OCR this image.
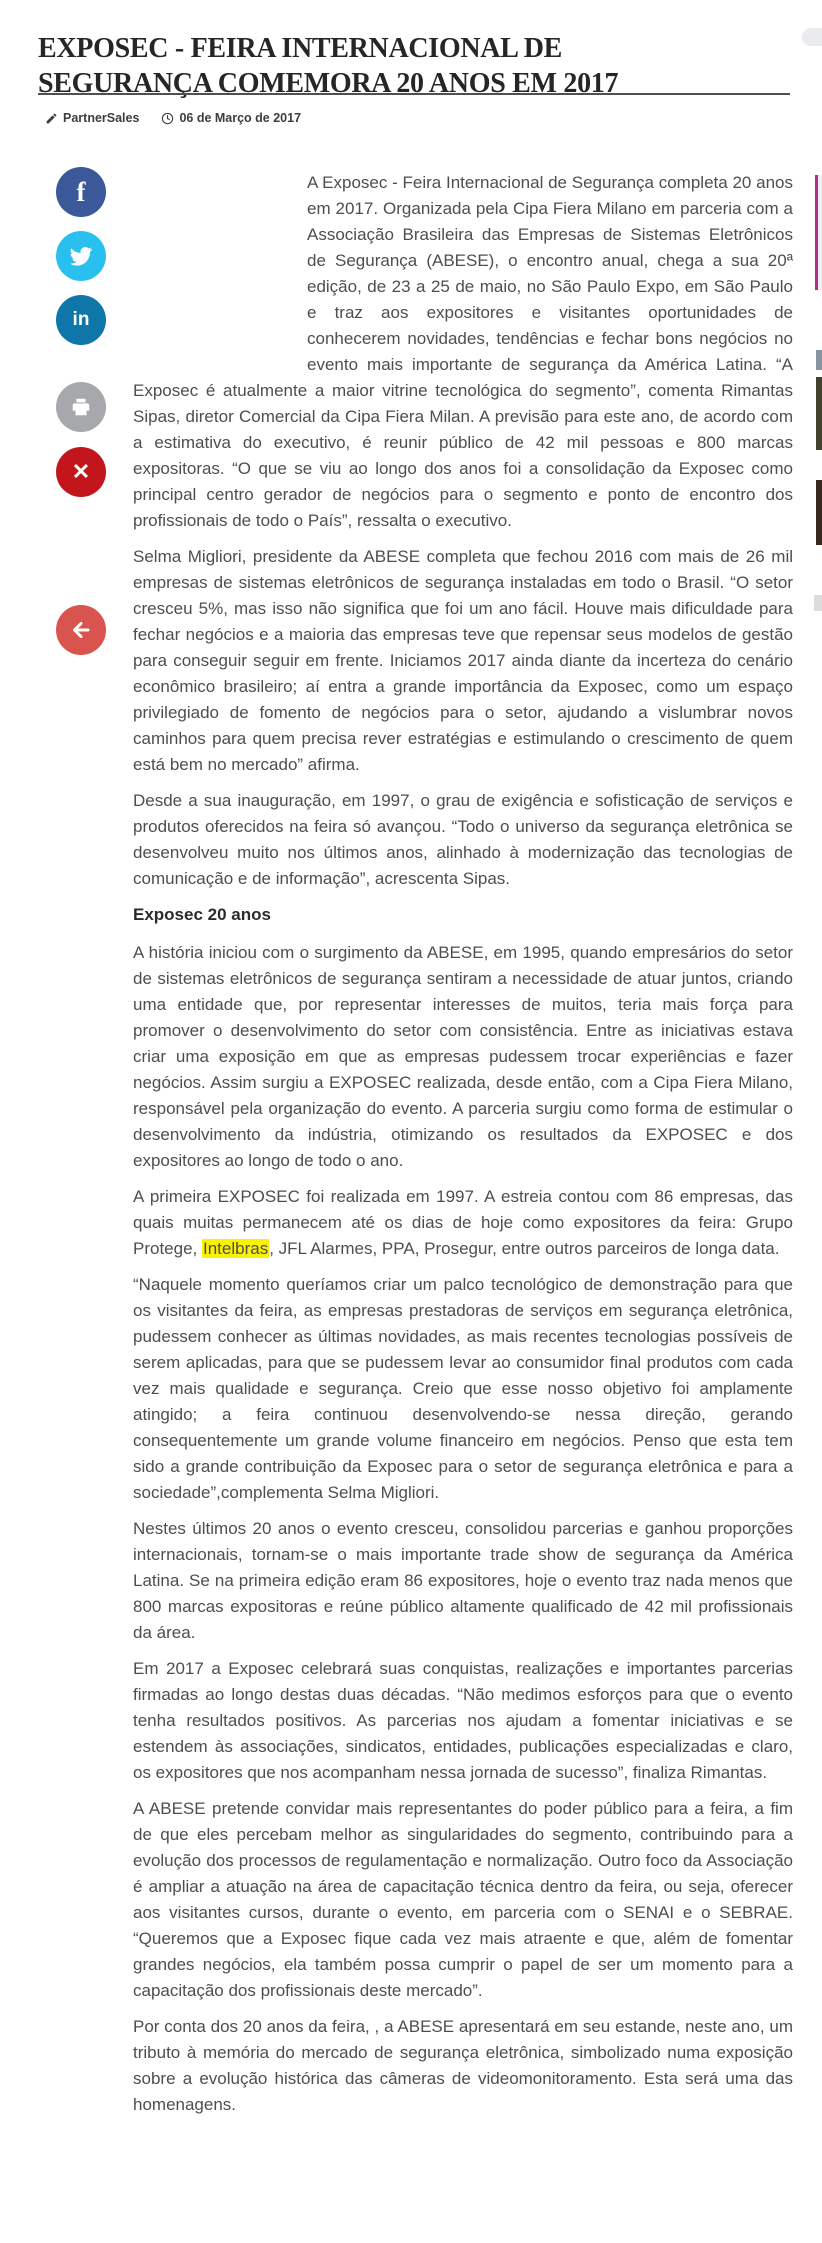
EXPOSEC - FEIRA INTERNACIONAL DE
SEGURANÇA COMEMORA 20 ANOS EM 2017
PartnerSales	06 de Março de 2017
f
in
✕

A Exposec - Feira Internacional de Segurança completa 20 anos em 2017. Organizada pela Cipa Fiera Milano em parceria com a Associação Brasileira das Empresas de Sistemas Eletrônicos de Segurança (ABESE), o encontro anual, chega a sua 20ª edição, de 23 a 25 de maio, no São Paulo Expo, em São Paulo e traz aos expositores e visitantes oportunidades de conhecerem novidades, tendências e fechar bons negócios no evento mais importante de segurança da América Latina. “A Exposec é atualmente a maior vitrine tecnológica do segmento”, comenta Rimantas Sipas, diretor Comercial da Cipa Fiera Milan. A previsão para este ano, de acordo com a estimativa do executivo, é reunir público de 42 mil pessoas e 800 marcas expositoras. “O que se viu ao longo dos anos foi a consolidação da Exposec como principal centro gerador de negócios para o segmento e ponto de encontro dos profissionais de todo o País”, ressalta o executivo.

Selma Migliori, presidente da ABESE completa que fechou 2016 com mais de 26 mil empresas de sistemas eletrônicos de segurança instaladas em todo o Brasil. “O setor cresceu 5%, mas isso não significa que foi um ano fácil. Houve mais dificuldade para fechar negócios e a maioria das empresas teve que repensar seus modelos de gestão para conseguir seguir em frente. Iniciamos 2017 ainda diante da incerteza do cenário econômico brasileiro; aí entra a grande importância da Exposec, como um espaço privilegiado de fomento de negócios para o setor, ajudando a vislumbrar novos caminhos para quem precisa rever estratégias e estimulando o crescimento de quem está bem no mercado” afirma.

Desde a sua inauguração, em 1997, o grau de exigência e sofisticação de serviços e produtos oferecidos na feira só avançou. “Todo o universo da segurança eletrônica se desenvolveu muito nos últimos anos, alinhado à modernização das tecnologias de comunicação e de informação”, acrescenta Sipas.

Exposec 20 anos

A história iniciou com o surgimento da ABESE, em 1995, quando empresários do setor de sistemas eletrônicos de segurança sentiram a necessidade de atuar juntos, criando uma entidade que, por representar interesses de muitos, teria mais força para promover o desenvolvimento do setor com consistência. Entre as iniciativas estava criar uma exposição em que as empresas pudessem trocar experiências e fazer negócios. Assim surgiu a EXPOSEC realizada, desde então, com a Cipa Fiera Milano, responsável pela organização do evento. A parceria surgiu como forma de estimular o desenvolvimento da indústria, otimizando os resultados da EXPOSEC e dos expositores ao longo de todo o ano.

A primeira EXPOSEC foi realizada em 1997. A estreia contou com 86 empresas, das quais muitas permanecem até os dias de hoje como expositores da feira: Grupo Protege, Intelbras, JFL Alarmes, PPA, Prosegur, entre outros parceiros de longa data.

“Naquele momento queríamos criar um palco tecnológico de demonstração para que os visitantes da feira, as empresas prestadoras de serviços em segurança eletrônica, pudessem conhecer as últimas novidades, as mais recentes tecnologias possíveis de serem aplicadas, para que se pudessem levar ao consumidor final produtos com cada vez mais qualidade e segurança. Creio que esse nosso objetivo foi amplamente atingido; a feira continuou desenvolvendo-se nessa direção, gerando consequentemente um grande volume financeiro em negócios. Penso que esta tem sido a grande contribuição da Exposec para o setor de segurança eletrônica e para a sociedade”,complementa Selma Migliori.

Nestes últimos 20 anos o evento cresceu, consolidou parcerias e ganhou proporções internacionais, tornam-se o mais importante trade show de segurança da América Latina. Se na primeira edição eram 86 expositores, hoje o evento traz nada menos que 800 marcas expositoras e reúne público altamente qualificado de 42 mil profissionais da área.

Em 2017 a Exposec celebrará suas conquistas, realizações e importantes parcerias firmadas ao longo destas duas décadas. “Não medimos esforços para que o evento tenha resultados positivos. As parcerias nos ajudam a fomentar iniciativas e se estendem às associações, sindicatos, entidades, publicações especializadas e claro, os expositores que nos acompanham nessa jornada de sucesso”, finaliza Rimantas.

A ABESE pretende convidar mais representantes do poder público para a feira, a fim de que eles percebam melhor as singularidades do segmento, contribuindo para a evolução dos processos de regulamentação e normalização. Outro foco da Associação é ampliar a atuação na área de capacitação técnica dentro da feira, ou seja, oferecer aos visitantes cursos, durante o evento, em parceria com o SENAI e o SEBRAE. “Queremos que a Exposec fique cada vez mais atraente e que, além de fomentar grandes negócios, ela também possa cumprir o papel de ser um momento para a capacitação dos profissionais deste mercado”.

Por conta dos 20 anos da feira, , a ABESE apresentará em seu estande, neste ano, um tributo à memória do mercado de segurança eletrônica, simbolizado numa exposição sobre a evolução histórica das câmeras de videomonitoramento. Esta será uma das homenagens.
